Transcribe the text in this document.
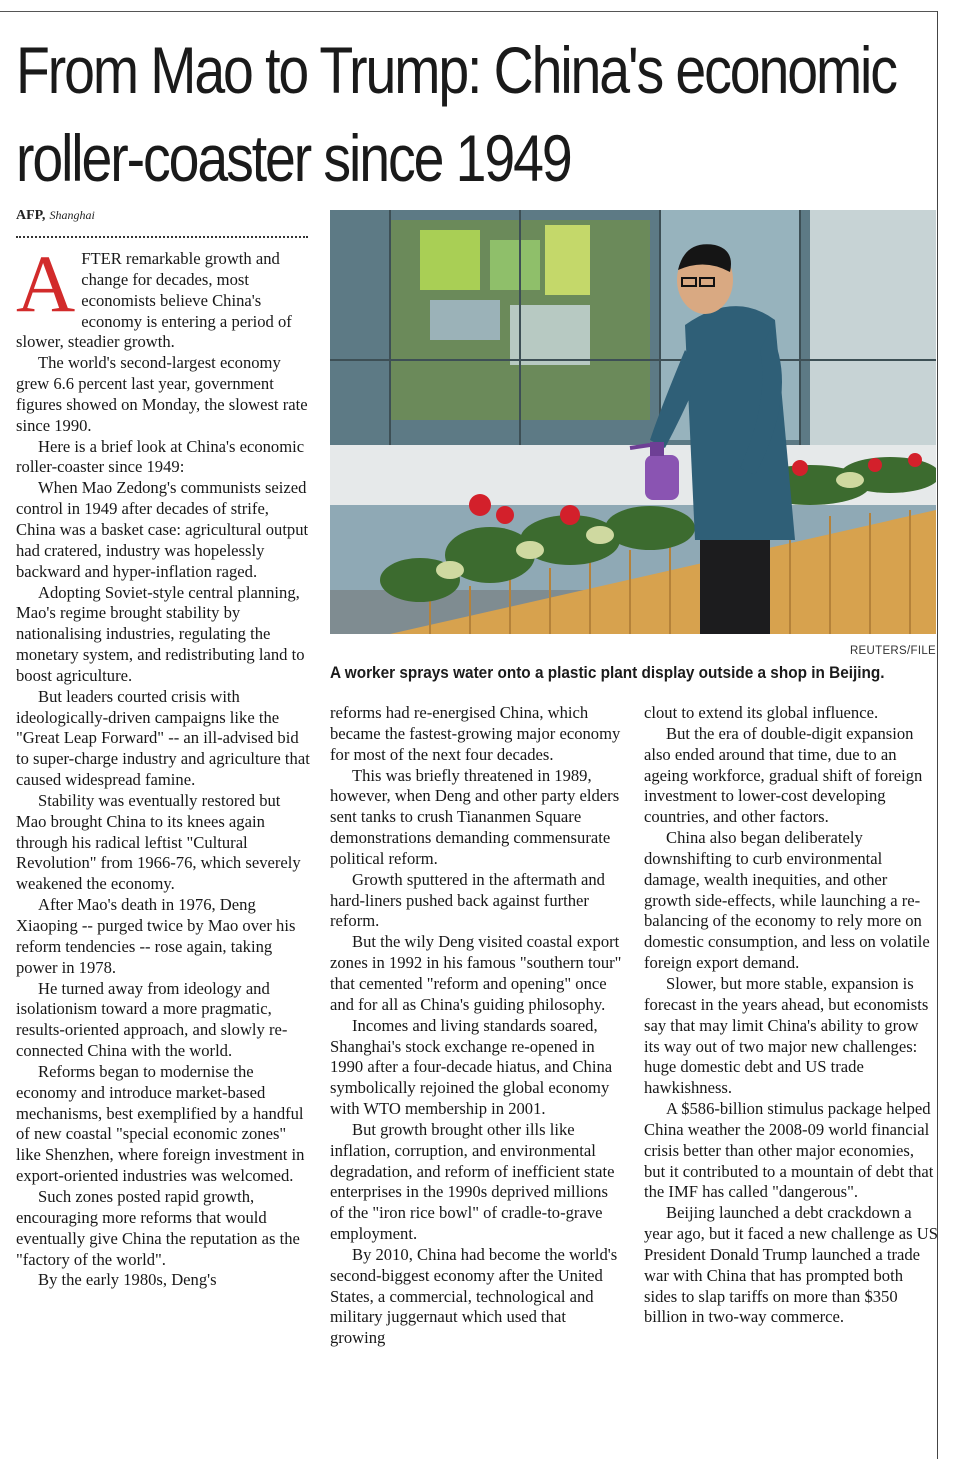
From Mao to Trump: China's economic
roller-coaster since 1949
AFP, Shanghai

AFTER remarkable growth and change for decades, most economists believe China's economy is entering a period of slower, steadier growth.

The world's second-largest economy grew 6.6 percent last year, government figures showed on Monday, the slowest rate since 1990.

Here is a brief look at China's economic roller-coaster since 1949:

When Mao Zedong's communists seized control in 1949 after decades of strife, China was a basket case: agricultural output had cratered, industry was hopelessly backward and hyper-inflation raged.

Adopting Soviet-style central planning, Mao's regime brought stability by nationalising industries, regulating the monetary system, and redistributing land to boost agriculture.

But leaders courted crisis with ideologically-driven campaigns like the "Great Leap Forward" -- an ill-advised bid to super-charge industry and agriculture that caused widespread famine.

Stability was eventually restored but Mao brought China to its knees again through his radical leftist "Cultural Revolution" from 1966-76, which severely weakened the economy.

After Mao's death in 1976, Deng Xiaoping -- purged twice by Mao over his reform tendencies -- rose again, taking power in 1978.

He turned away from ideology and isolationism toward a more pragmatic, results-oriented approach, and slowly re-connected China with the world.

Reforms began to modernise the economy and introduce market-based mechanisms, best exemplified by a handful of new coastal "special economic zones" like Shenzhen, where foreign investment in export-oriented industries was welcomed.

Such zones posted rapid growth, encouraging more reforms that would eventually give China the reputation as the "factory of the world".

By the early 1980s, Deng's

REUTERS/FILE
A worker sprays water onto a plastic plant display outside a shop in Beijing.

reforms had re-energised China, which became the fastest-growing major economy for most of the next four decades.

This was briefly threatened in 1989, however, when Deng and other party elders sent tanks to crush Tiananmen Square demonstrations demanding commensurate political reform.

Growth sputtered in the aftermath and hard-liners pushed back against further reform.

But the wily Deng visited coastal export zones in 1992 in his famous "southern tour" that cemented "reform and opening" once and for all as China's guiding philosophy.

Incomes and living standards soared, Shanghai's stock exchange re-opened in 1990 after a four-decade hiatus, and China symbolically rejoined the global economy with WTO membership in 2001.

But growth brought other ills like inflation, corruption, and environmental degradation, and reform of inefficient state enterprises in the 1990s deprived millions of the "iron rice bowl" of cradle-to-grave employment.

By 2010, China had become the world's second-biggest economy after the United States, a commercial, technological and military juggernaut which used that growing

clout to extend its global influence.

But the era of double-digit expansion also ended around that time, due to an ageing workforce, gradual shift of foreign investment to lower-cost developing countries, and other factors.

China also began deliberately downshifting to curb environmental damage, wealth inequities, and other growth side-effects, while launching a re-balancing of the economy to rely more on domestic consumption, and less on volatile foreign export demand.

Slower, but more stable, expansion is forecast in the years ahead, but economists say that may limit China's ability to grow its way out of two major new challenges: huge domestic debt and US trade hawkishness.

A $586-billion stimulus package helped China weather the 2008-09 world financial crisis better than other major economies, but it contributed to a mountain of debt that the IMF has called "dangerous".

Beijing launched a debt crackdown a year ago, but it faced a new challenge as US President Donald Trump launched a trade war with China that has prompted both sides to slap tariffs on more than $350 billion in two-way commerce.
